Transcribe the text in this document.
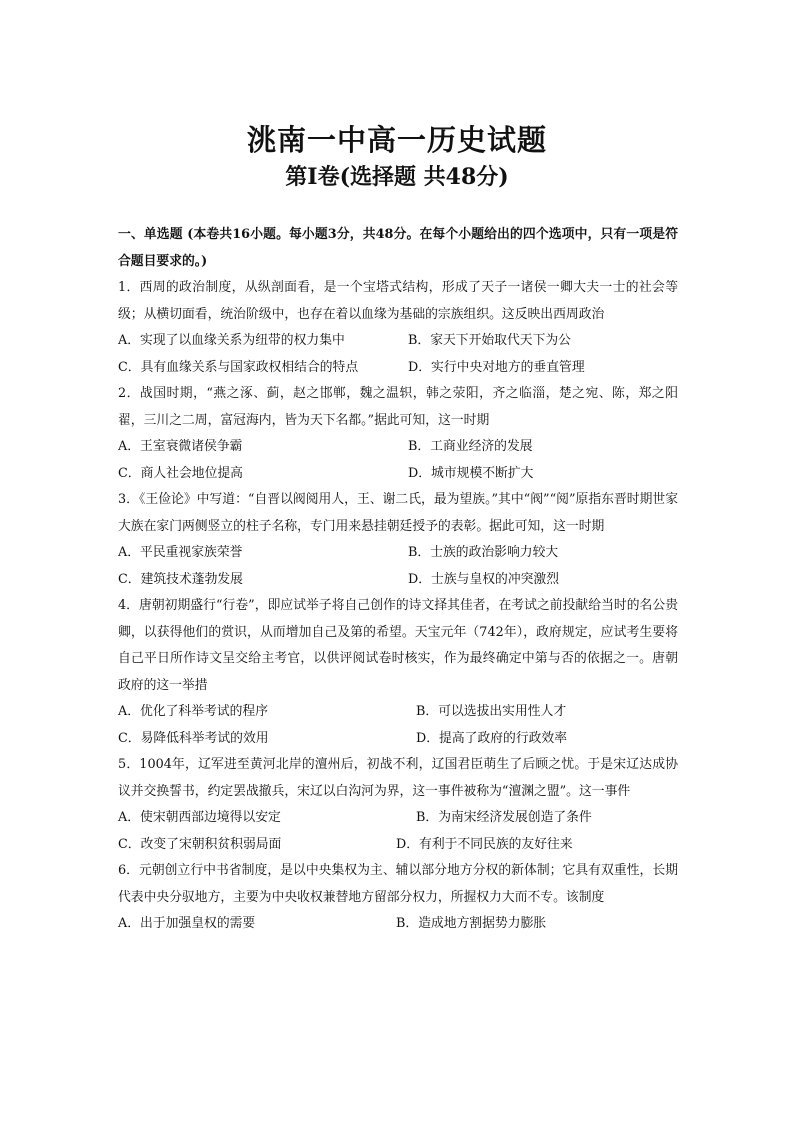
洮南一中高一历史试题
第Ⅰ卷(选择题 共48分)

一、单选题 (本卷共16小题。每小题3分，共48分。在每个小题给出的四个选项中，只有一项是符合题目要求的。)

1．西周的政治制度，从纵剖面看，是一个宝塔式结构，形成了天子一诸侯一卿大夫一士的社会等级；从横切面看，统治阶级中，也存在着以血缘为基础的宗族组织。这反映出西周政治

A．实现了以血缘关系为纽带的权力集中	B．家天下开始取代天下为公
C．具有血缘关系与国家政权相结合的特点	D．实行中央对地方的垂直管理

2．战国时期，“燕之涿、蓟，赵之邯郸，魏之温轵，韩之荥阳，齐之临淄，楚之宛、陈，郑之阳翟，三川之二周，富冠海内，皆为天下名都。”据此可知，这一时期

A．王室衰微诸侯争霸	B．工商业经济的发展
C．商人社会地位提高	D．城市规模不断扩大

3．《王俭论》中写道：“自晋以阀阅用人，王、谢二氏，最为望族。”其中“阀”“阅”原指东晋时期世家大族在家门两侧竖立的柱子名称，专门用来悬挂朝廷授予的表彰。据此可知，这一时期

A．平民重视家族荣誉	B．士族的政治影响力较大
C．建筑技术蓬勃发展	D．士族与皇权的冲突激烈

4．唐朝初期盛行“行卷”，即应试举子将自己创作的诗文择其佳者，在考试之前投献给当时的名公贵卿，以获得他们的赏识，从而增加自己及第的希望。天宝元年（742年），政府规定，应试考生要将自己平日所作诗文呈交给主考官，以供评阅试卷时核实，作为最终确定中第与否的依据之一。唐朝政府的这一举措

A．优化了科举考试的程序	B．可以选拔出实用性人才
C．易降低科举考试的效用	D．提高了政府的行政效率

5．1004年，辽军进至黄河北岸的澶州后，初战不利，辽国君臣萌生了后顾之忧。于是宋辽达成协议并交换誓书，约定罢战撤兵，宋辽以白沟河为界，这一事件被称为“澶渊之盟”。这一事件

A．使宋朝西部边境得以安定	B．为南宋经济发展创造了条件
C．改变了宋朝积贫积弱局面	D．有利于不同民族的友好往来

6．元朝创立行中书省制度，是以中央集权为主、辅以部分地方分权的新体制；它具有双重性，长期代表中央分驭地方，主要为中央收权兼替地方留部分权力，所握权力大而不专。该制度

A．出于加强皇权的需要	B．造成地方割据势力膨胀
